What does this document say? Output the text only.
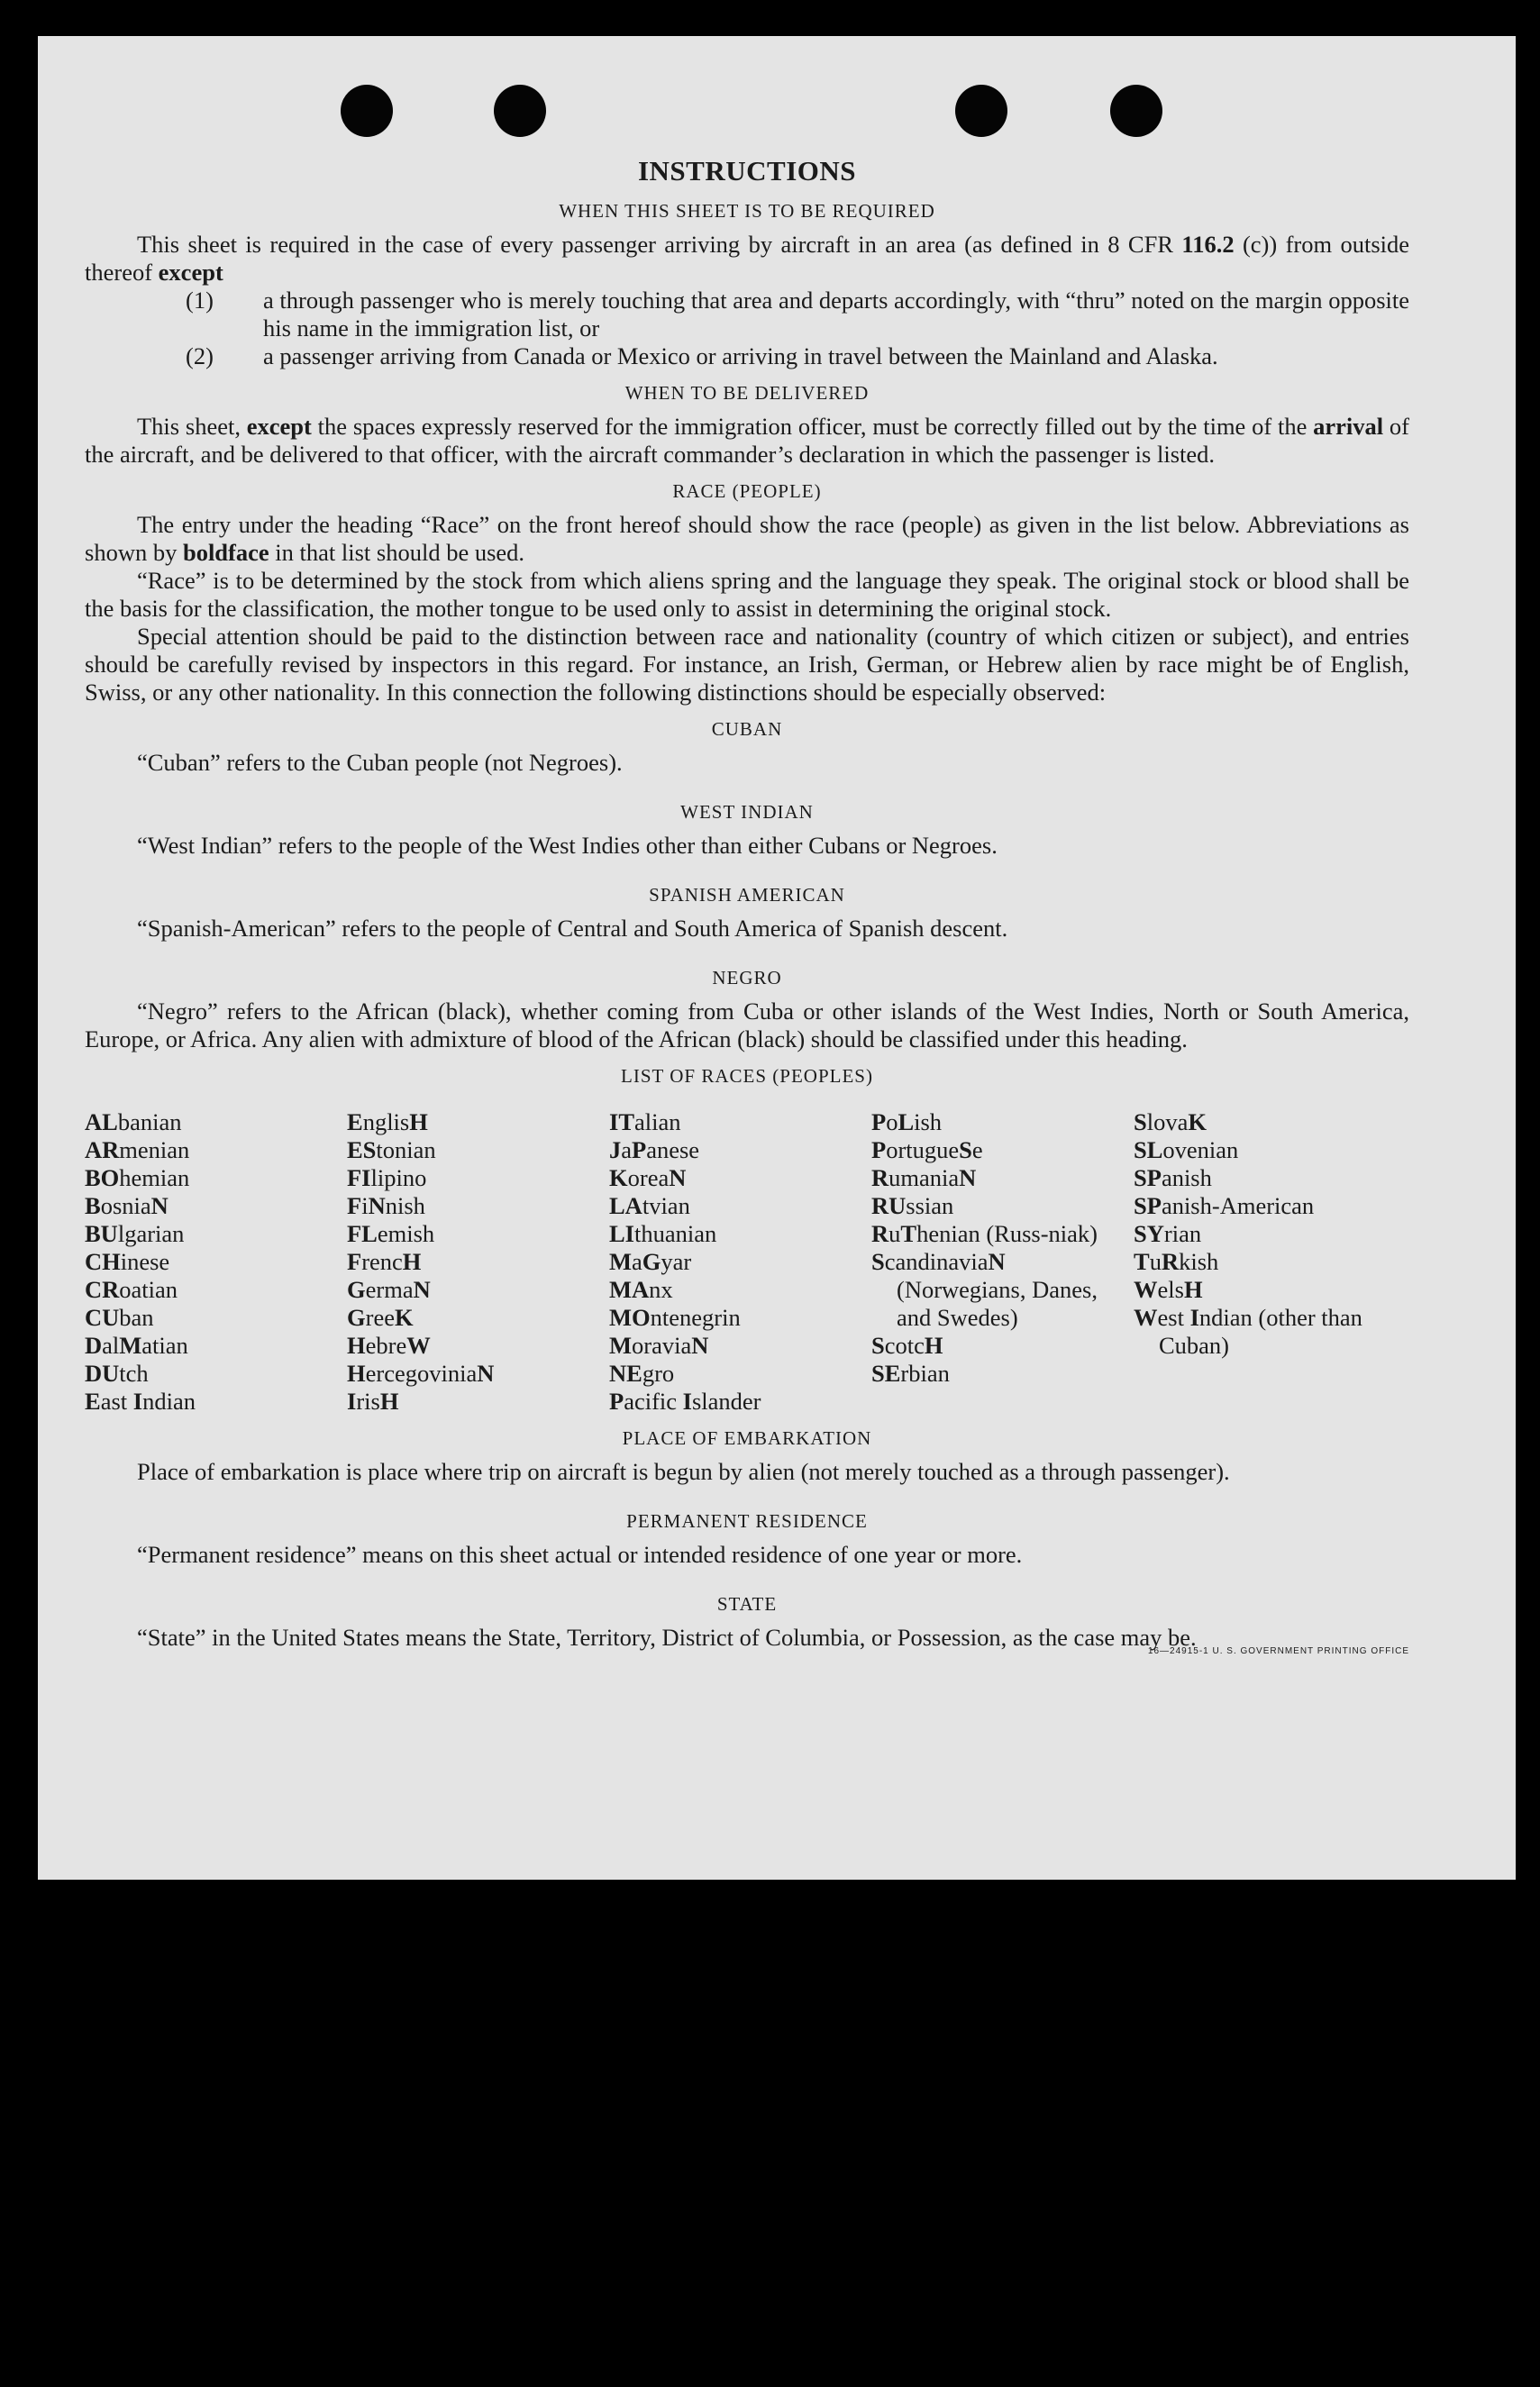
INSTRUCTIONS
WHEN THIS SHEET IS TO BE REQUIRED

This sheet is required in the case of every passenger arriving by aircraft in an area (as defined in 8 CFR 116.2 (c)) from outside thereof except

(1) a through passenger who is merely touching that area and departs accordingly, with “thru” noted on the margin opposite his name in the immigration list, or
(2) a passenger arriving from Canada or Mexico or arriving in travel between the Mainland and Alaska.
WHEN TO BE DELIVERED

This sheet, except the spaces expressly reserved for the immigration officer, must be correctly filled out by the time of the arrival of the aircraft, and be delivered to that officer, with the aircraft commander’s declaration in which the passenger is listed.

RACE (PEOPLE)

The entry under the heading “Race” on the front hereof should show the race (people) as given in the list below. Abbreviations as shown by boldface in that list should be used.

“Race” is to be determined by the stock from which aliens spring and the language they speak. The original stock or blood shall be the basis for the classification, the mother tongue to be used only to assist in determining the original stock.

Special attention should be paid to the distinction between race and nationality (country of which citizen or subject), and entries should be carefully revised by inspectors in this regard. For instance, an Irish, German, or Hebrew alien by race might be of English, Swiss, or any other nationality. In this connection the following distinctions should be especially observed:

CUBAN

“Cuban” refers to the Cuban people (not Negroes).

WEST INDIAN

“West Indian” refers to the people of the West Indies other than either Cubans or Negroes.

SPANISH AMERICAN

“Spanish-American” refers to the people of Central and South America of Spanish descent.

NEGRO

“Negro” refers to the African (black), whether coming from Cuba or other islands of the West Indies, North or South America, Europe, or Africa. Any alien with admixture of blood of the African (black) should be classified under this heading.

LIST OF RACES (PEOPLES)
ALbanian
ARmenian
BOhemian
BosniaN
BUlgarian
CHinese
CRoatian
CUban
DalMatian
DUtch
East Indian
EnglisH
EStonian
FIlipino
FiNnish
FLemish
FrencH
GermaN
GreeK
HebreW
HercegoviniaN
IrisH
ITalian
JaPanese
KoreaN
LAtvian
LIthuanian
MaGyar
MAnx
MOntenegrin
MoraviaN
NEgro
Pacific Islander
PoLish
PortugueSe
RumaniaN
RUssian
RuThenian (Russ-niak)
ScandinaviaN (Norwegians, Danes, and Swedes)
ScotcH
SErbian
SlovaK
SLovenian
SPanish
SPanish-American
SYrian
TuRkish
WelsH
West Indian (other than Cuban)
PLACE OF EMBARKATION

Place of embarkation is place where trip on aircraft is begun by alien (not merely touched as a through passenger).

PERMANENT RESIDENCE

“Permanent residence” means on this sheet actual or intended residence of one year or more.

STATE

“State” in the United States means the State, Territory, District of Columbia, or Possession, as the case may be.

16—24915-1 U. S. GOVERNMENT PRINTING OFFICE
